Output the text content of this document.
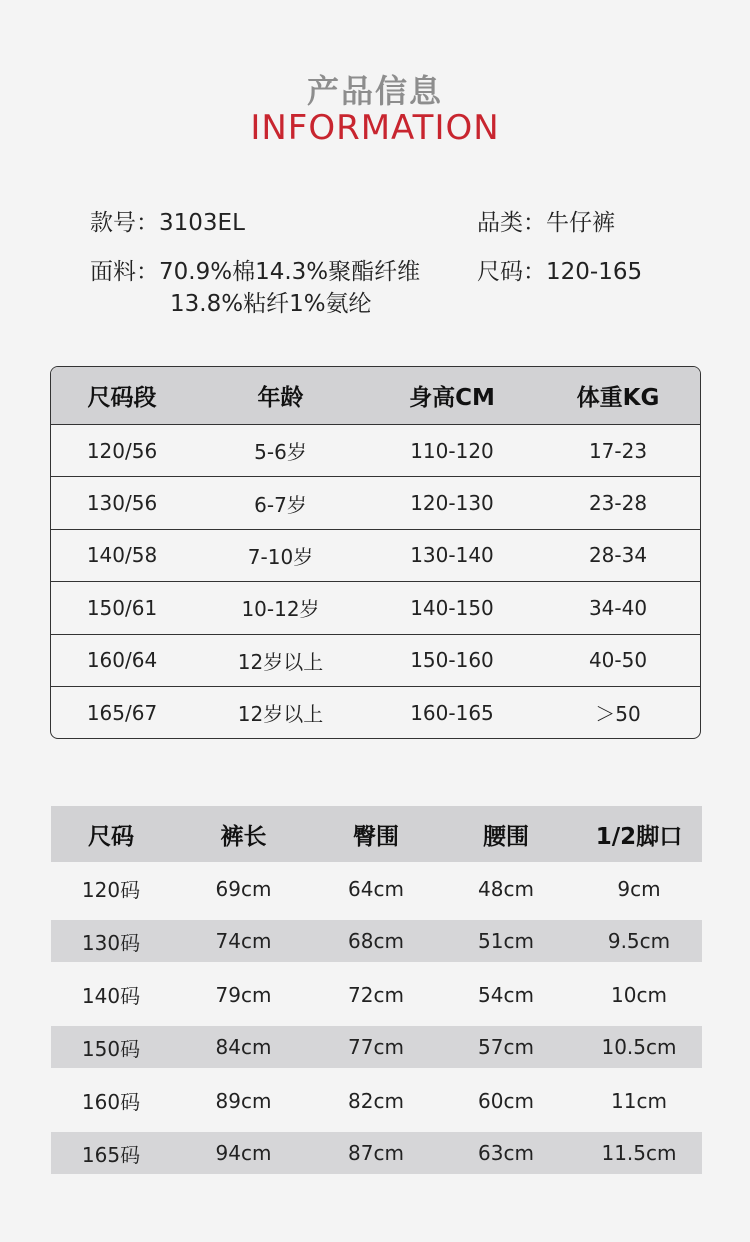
产品信息
INFORMATION
款号：3103EL	品类：牛仔裤
面料：70.9%棉14.3%聚酯纤维
13.8%粘纤1%氨纶
尺码：120-165
尺码段	年龄	身高CM	体重KG
120/56	5-6岁	110-120	17-23
130/56	6-7岁	120-130	23-28
140/58	7-10岁	130-140	28-34
150/61	10-12岁	140-150	34-40
160/64	12岁以上	150-160	40-50
165/67	12岁以上	160-165	＞50
尺码	裤长	臀围	腰围	1/2脚口
120码	69cm	64cm	48cm	9cm
130码	74cm	68cm	51cm	9.5cm
140码	79cm	72cm	54cm	10cm
150码	84cm	77cm	57cm	10.5cm
160码	89cm	82cm	60cm	11cm
165码	94cm	87cm	63cm	11.5cm
